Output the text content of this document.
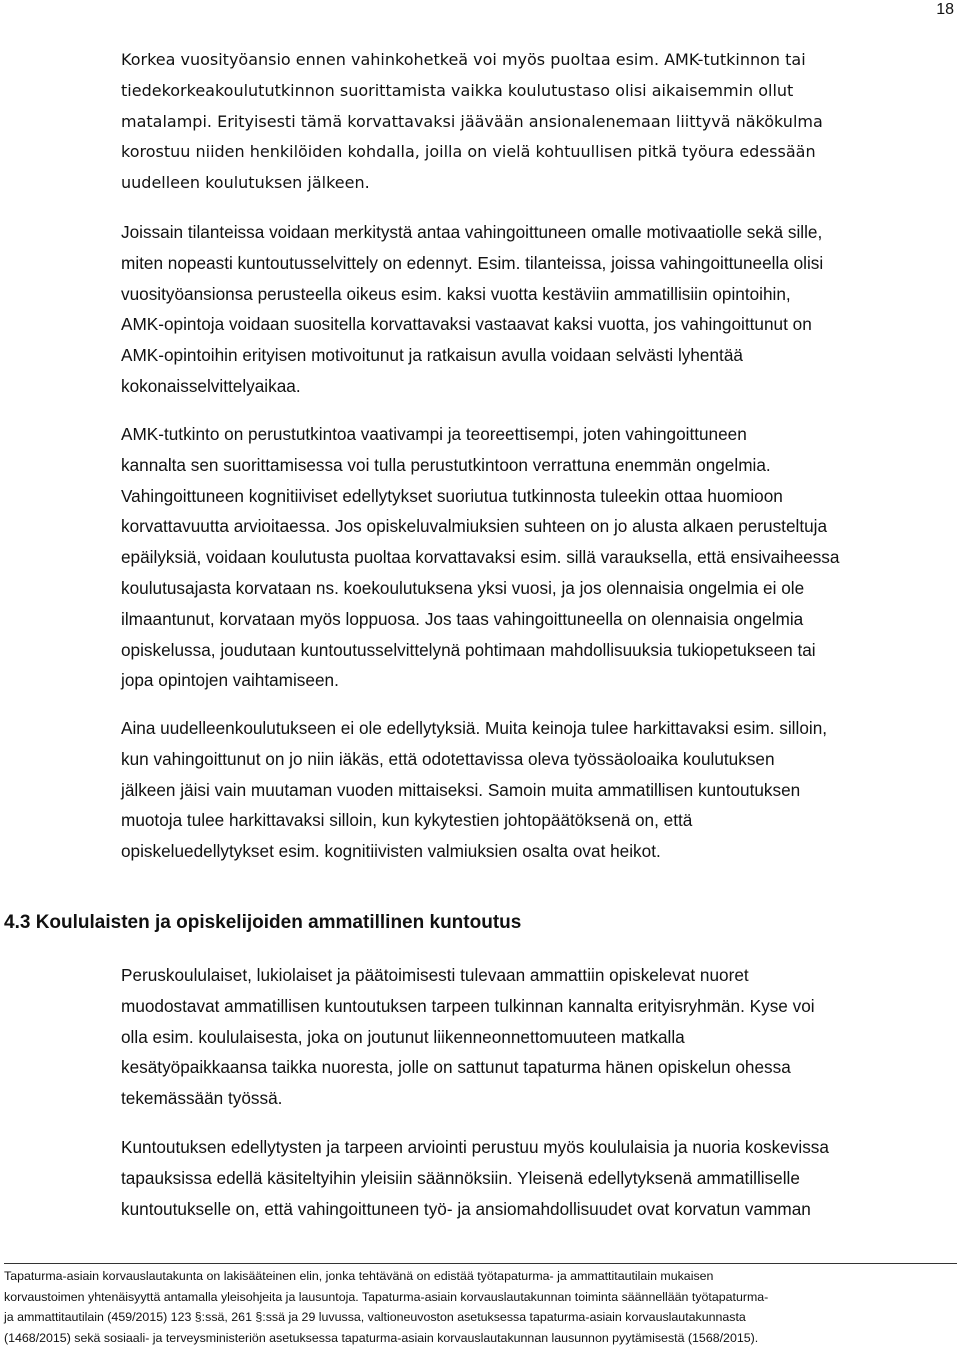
18
Korkea vuosityöansio ennen vahinkohetkeä voi myös puoltaa esim. AMK-tutkinnon tai
tiedekorkeakoulututkinnon suorittamista vaikka koulutustaso olisi aikaisemmin ollut
matalampi. Erityisesti tämä korvattavaksi jäävään ansionalenemaan liittyvä näkökulma
korostuu niiden henkilöiden kohdalla, joilla on vielä kohtuullisen pitkä työura edessään
uudelleen koulutuksen jälkeen.
Joissain tilanteissa voidaan merkitystä antaa vahingoittuneen omalle motivaatiolle sekä sille,
miten nopeasti kuntoutusselvittely on edennyt. Esim. tilanteissa, joissa vahingoittuneella olisi
vuosityöansionsa perusteella oikeus esim. kaksi vuotta kestäviin ammatillisiin opintoihin,
AMK-opintoja voidaan suositella korvattavaksi vastaavat kaksi vuotta, jos vahingoittunut on
AMK-opintoihin erityisen motivoitunut ja ratkaisun avulla voidaan selvästi lyhentää
kokonaisselvittelyaikaa.
AMK-tutkinto on perustutkintoa vaativampi ja teoreettisempi, joten vahingoittuneen
kannalta sen suorittamisessa voi tulla perustutkintoon verrattuna enemmän ongelmia.
Vahingoittuneen kognitiiviset edellytykset suoriutua tutkinnosta tuleekin ottaa huomioon
korvattavuutta arvioitaessa. Jos opiskeluvalmiuksien suhteen on jo alusta alkaen perusteltuja
epäilyksiä, voidaan koulutusta puoltaa korvattavaksi esim. sillä varauksella, että ensivaiheessa
koulutusajasta korvataan ns. koekoulutuksena yksi vuosi, ja jos olennaisia ongelmia ei ole
ilmaantunut, korvataan myös loppuosa. Jos taas vahingoittuneella on olennaisia ongelmia
opiskelussa, joudutaan kuntoutusselvittelynä pohtimaan mahdollisuuksia tukiopetukseen tai
jopa opintojen vaihtamiseen.
Aina uudelleenkoulutukseen ei ole edellytyksiä. Muita keinoja tulee harkittavaksi esim. silloin,
kun vahingoittunut on jo niin iäkäs, että odotettavissa oleva työssäoloaika koulutuksen
jälkeen jäisi vain muutaman vuoden mittaiseksi. Samoin muita ammatillisen kuntoutuksen
muotoja tulee harkittavaksi silloin, kun kykytestien johtopäätöksenä on, että
opiskeluedellytykset esim. kognitiivisten valmiuksien osalta ovat heikot.
4.3 Koululaisten ja opiskelijoiden ammatillinen kuntoutus
Peruskoululaiset, lukiolaiset ja päätoimisesti tulevaan ammattiin opiskelevat nuoret
muodostavat ammatillisen kuntoutuksen tarpeen tulkinnan kannalta erityisryhmän. Kyse voi
olla esim. koululaisesta, joka on joutunut liikenneonnettomuuteen matkalla
kesätyöpaikkaansa taikka nuoresta, jolle on sattunut tapaturma hänen opiskelun ohessa
tekemässään työssä.
Kuntoutuksen edellytysten ja tarpeen arviointi perustuu myös koululaisia ja nuoria koskevissa
tapauksissa edellä käsiteltyihin yleisiin säännöksiin. Yleisenä edellytyksenä ammatilliselle
kuntoutukselle on, että vahingoittuneen työ- ja ansiomahdollisuudet ovat korvatun vamman
Tapaturma-asiain korvauslautakunta on lakisääteinen elin, jonka tehtävänä on edistää työtapaturma- ja ammattitautilain mukaisen
korvaustoimen yhtenäisyyttä antamalla yleisohjeita ja lausuntoja. Tapaturma-asiain korvauslautakunnan toiminta säännellään työtapaturma-
ja ammattitautilain (459/2015) 123 §:ssä, 261 §:ssä ja 29 luvussa, valtioneuvoston asetuksessa tapaturma-asiain korvauslautakunnasta
(1468/2015) sekä sosiaali- ja terveysministeriön asetuksessa tapaturma-asiain korvauslautakunnan lausunnon pyytämisestä (1568/2015).
